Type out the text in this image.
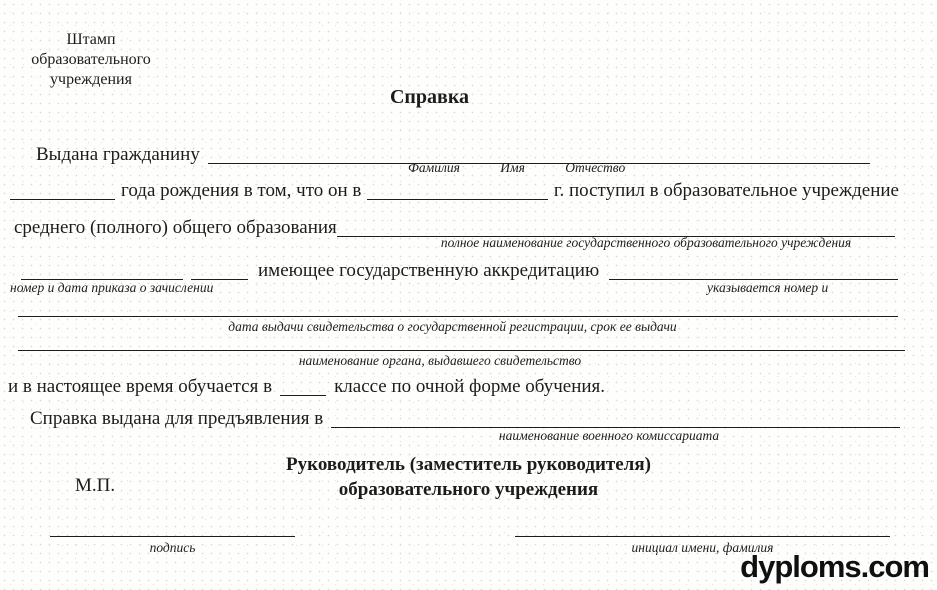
Штамп
образовательного
учреждения
Справка
Выдана гражданину
Фамилия	Имя	Отчество
года рождения в том, что он в	г. поступил в образовательное учреждение
среднего (полного) общего образования
полное наименование государственного образовательного учреждения
имеющее государственную аккредитацию
номер и дата приказа о зачислении	указывается номер и
дата выдачи свидетельства о государственной регистрации, срок ее выдачи
наименование органа, выдавшего свидетельство
и в настоящее время обучается в	классе по очной форме обучения.
Справка выдана для предъявления в
наименование военного комиссариата
Руководитель (заместитель руководителя)
образовательного учреждения
М.П.
подпись	инициал имени, фамилия
dyploms.com
